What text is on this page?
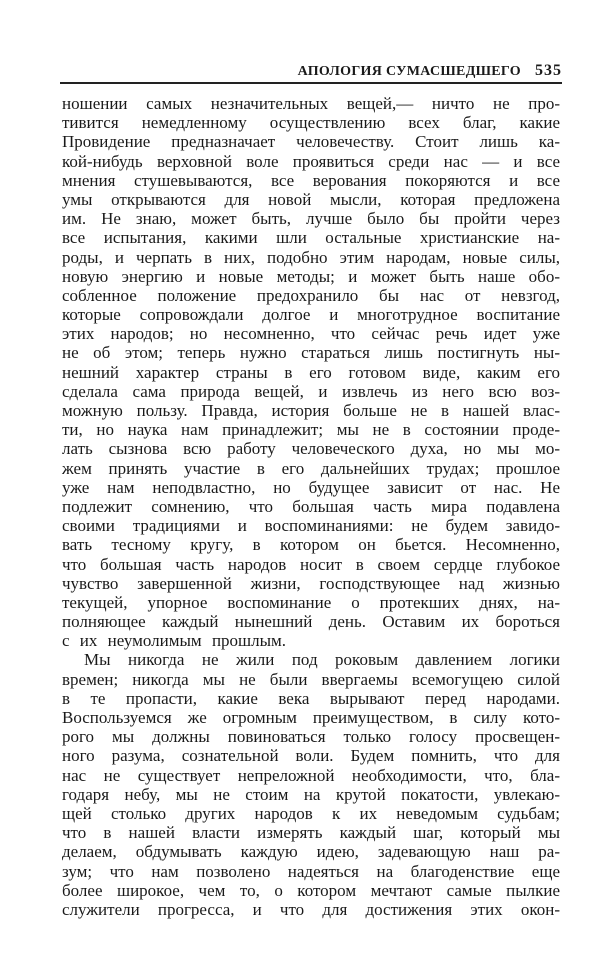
АПОЛОГИЯ СУМАСШЕДШЕГО 535
ношении самых незначительных вещей,— ничто не про-
тивится немедленному осуществлению всех благ, какие
Провидение предназначает человечеству. Стоит лишь ка-
кой-нибудь верховной воле проявиться среди нас — и все
мнения стушевываются, все верования покоряются и все
умы открываются для новой мысли, которая предложена
им. Не знаю, может быть, лучше было бы пройти через
все испытания, какими шли остальные христианские на-
роды, и черпать в них, подобно этим народам, новые силы,
новую энергию и новые методы; и может быть наше обо-
собленное положение предохранило бы нас от невзгод,
которые сопровождали долгое и многотрудное воспитание
этих народов; но несомненно, что сейчас речь идет уже
не об этом; теперь нужно стараться лишь постигнуть ны-
нешний характер страны в его готовом виде, каким его
сделала сама природа вещей, и извлечь из него всю воз-
можную пользу. Правда, история больше не в нашей влас-
ти, но наука нам принадлежит; мы не в состоянии проде-
лать сызнова всю работу человеческого духа, но мы мо-
жем принять участие в его дальнейших трудах; прошлое
уже нам неподвластно, но будущее зависит от нас. Не
подлежит сомнению, что большая часть мира подавлена
своими традициями и воспоминаниями: не будем завидо-
вать тесному кругу, в котором он бьется. Несомненно,
что большая часть народов носит в своем сердце глубокое
чувство завершенной жизни, господствующее над жизнью
текущей, упорное воспоминание о протекших днях, на-
полняющее каждый нынешний день. Оставим их бороться
с их неумолимым прошлым.
Мы никогда не жили под роковым давлением логики
времен; никогда мы не были ввергаемы всемогущею силой
в те пропасти, какие века вырывают перед народами.
Воспользуемся же огромным преимуществом, в силу кото-
рого мы должны повиноваться только голосу просвещен-
ного разума, сознательной воли. Будем помнить, что для
нас не существует непреложной необходимости, что, бла-
годаря небу, мы не стоим на крутой покатости, увлекаю-
щей столько других народов к их неведомым судьбам;
что в нашей власти измерять каждый шаг, который мы
делаем, обдумывать каждую идею, задевающую наш ра-
зум; что нам позволено надеяться на благоденствие еще
более широкое, чем то, о котором мечтают самые пылкие
служители прогресса, и что для достижения этих окон-
